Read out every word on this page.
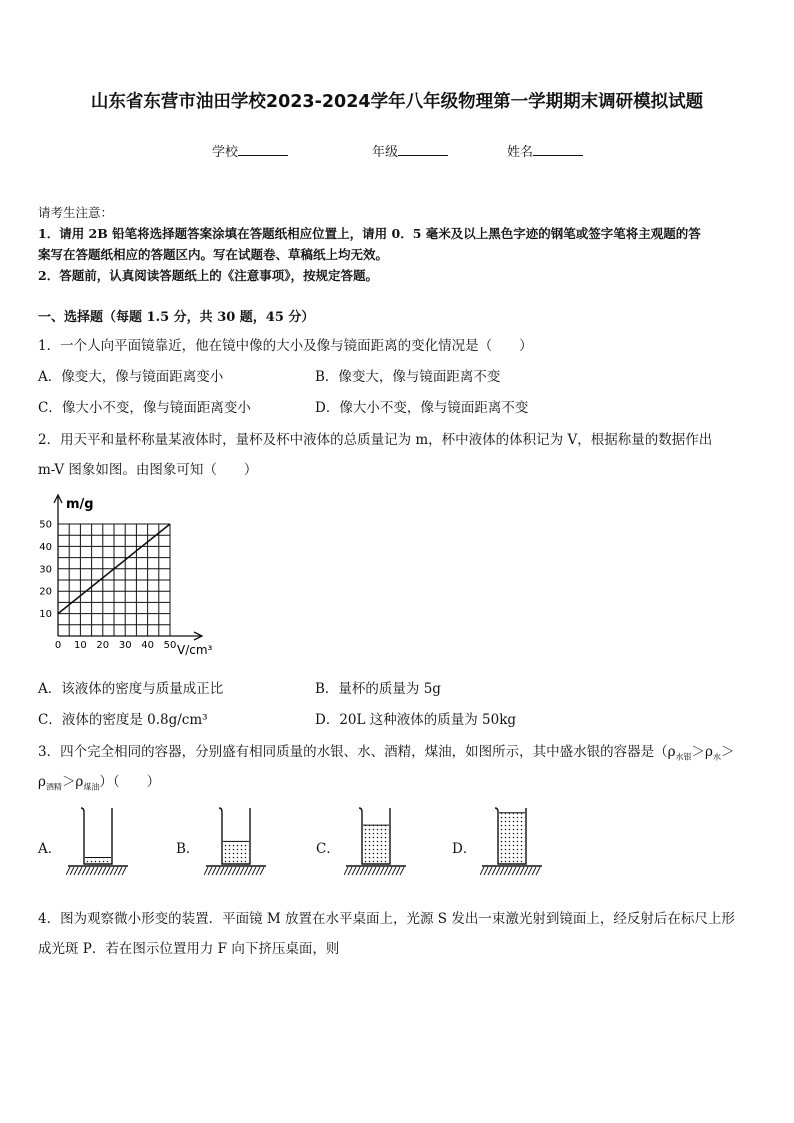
山东省东营市油田学校2023-2024学年八年级物理第一学期期末调研模拟试题
学校	年级	姓名
请考生注意：
1．请用 2B 铅笔将选择题答案涂填在答题纸相应位置上，请用 0．5 毫米及以上黑色字迹的钢笔或签字笔将主观题的答
案写在答题纸相应的答题区内。写在试题卷、草稿纸上均无效。
2．答题前，认真阅读答题纸上的《注意事项》，按规定答题。
一、选择题（每题 1.5 分，共 30 题，45 分）
1．一个人向平面镜靠近，他在镜中像的大小及像与镜面距离的变化情况是（　　）
A．像变大，像与镜面距离变小	B．像变大，像与镜面距离不变
C．像大小不变，像与镜面距离变小	D．像大小不变，像与镜面距离不变
2．用天平和量杯称量某液体时，量杯及杯中液体的总质量记为 m，杯中液体的体积记为 V，根据称量的数据作出
m-V 图象如图。由图象可知（　　）
0 10 20 30 40 50
10
20
30
40
50
m/g
V/cm³
A．该液体的密度与质量成正比	B．量杯的质量为 5g
C．液体的密度是 0.8g/cm³	D．20L 这种液体的质量为 50kg
3．四个完全相同的容器，分别盛有相同质量的水银、水、酒精，煤油，如图所示，其中盛水银的容器是（$\rho_{水银}>\rho_水>$
$\rho_{酒精}>\rho_{煤油}$）（　　）
A．	B．	C．	D．
4．图为观察微小形变的装置．平面镜 M 放置在水平桌面上，光源 S 发出一束激光射到镜面上，经反射后在标尺上形
成光斑 P．若在图示位置用力 F 向下挤压桌面，则
